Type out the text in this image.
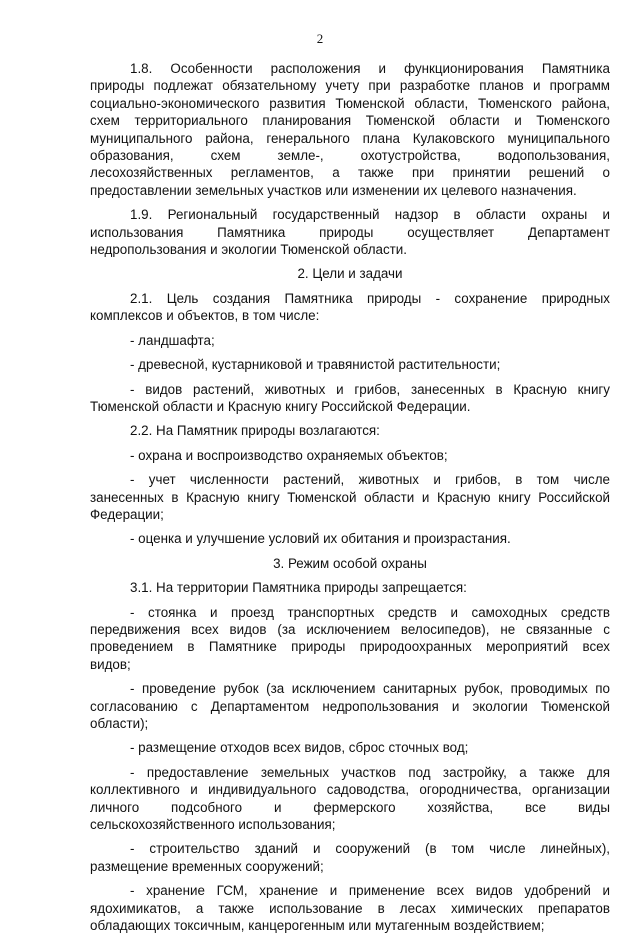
2
1.8. Особенности расположения и функционирования Памятника
природы подлежат обязательному учету при разработке планов и программ
социально-экономического развития Тюменской области, Тюменского района,
схем территориального планирования Тюменской области и Тюменского
муниципального района, генерального плана Кулаковского муниципального
образования, схем земле-, охотустройства, водопользования,
лесохозяйственных регламентов, а также при принятии решений о
предоставлении земельных участков или изменении их целевого назначения.
1.9. Региональный государственный надзор в области охраны и
использования Памятника природы осуществляет Департамент
недропользования и экологии Тюменской области.
2. Цели и задачи
2.1. Цель создания Памятника природы - сохранение природных
комплексов и объектов, в том числе:
- ландшафта;
- древесной, кустарниковой и травянистой растительности;
- видов растений, животных и грибов, занесенных в Красную книгу
Тюменской области и Красную книгу Российской Федерации.
2.2. На Памятник природы возлагаются:
- охрана и воспроизводство охраняемых объектов;
- учет численности растений, животных и грибов, в том числе
занесенных в Красную книгу Тюменской области и Красную книгу Российской
Федерации;
- оценка и улучшение условий их обитания и произрастания.
3. Режим особой охраны
3.1. На территории Памятника природы запрещается:
- стоянка и проезд транспортных средств и самоходных средств
передвижения всех видов (за исключением велосипедов), не связанные с
проведением в Памятнике природы природоохранных мероприятий всех
видов;
- проведение рубок (за исключением санитарных рубок, проводимых по
согласованию с Департаментом недропользования и экологии Тюменской
области);
- размещение отходов всех видов, сброс сточных вод;
- предоставление земельных участков под застройку, а также для
коллективного и индивидуального садоводства, огородничества, организации
личного подсобного и фермерского хозяйства, все виды
сельскохозяйственного использования;
- строительство зданий и сооружений (в том числе линейных),
размещение временных сооружений;
- хранение ГСМ, хранение и применение всех видов удобрений и
ядохимикатов, а также использование в лесах химических препаратов
обладающих токсичным, канцерогенным или мутагенным воздействием;
